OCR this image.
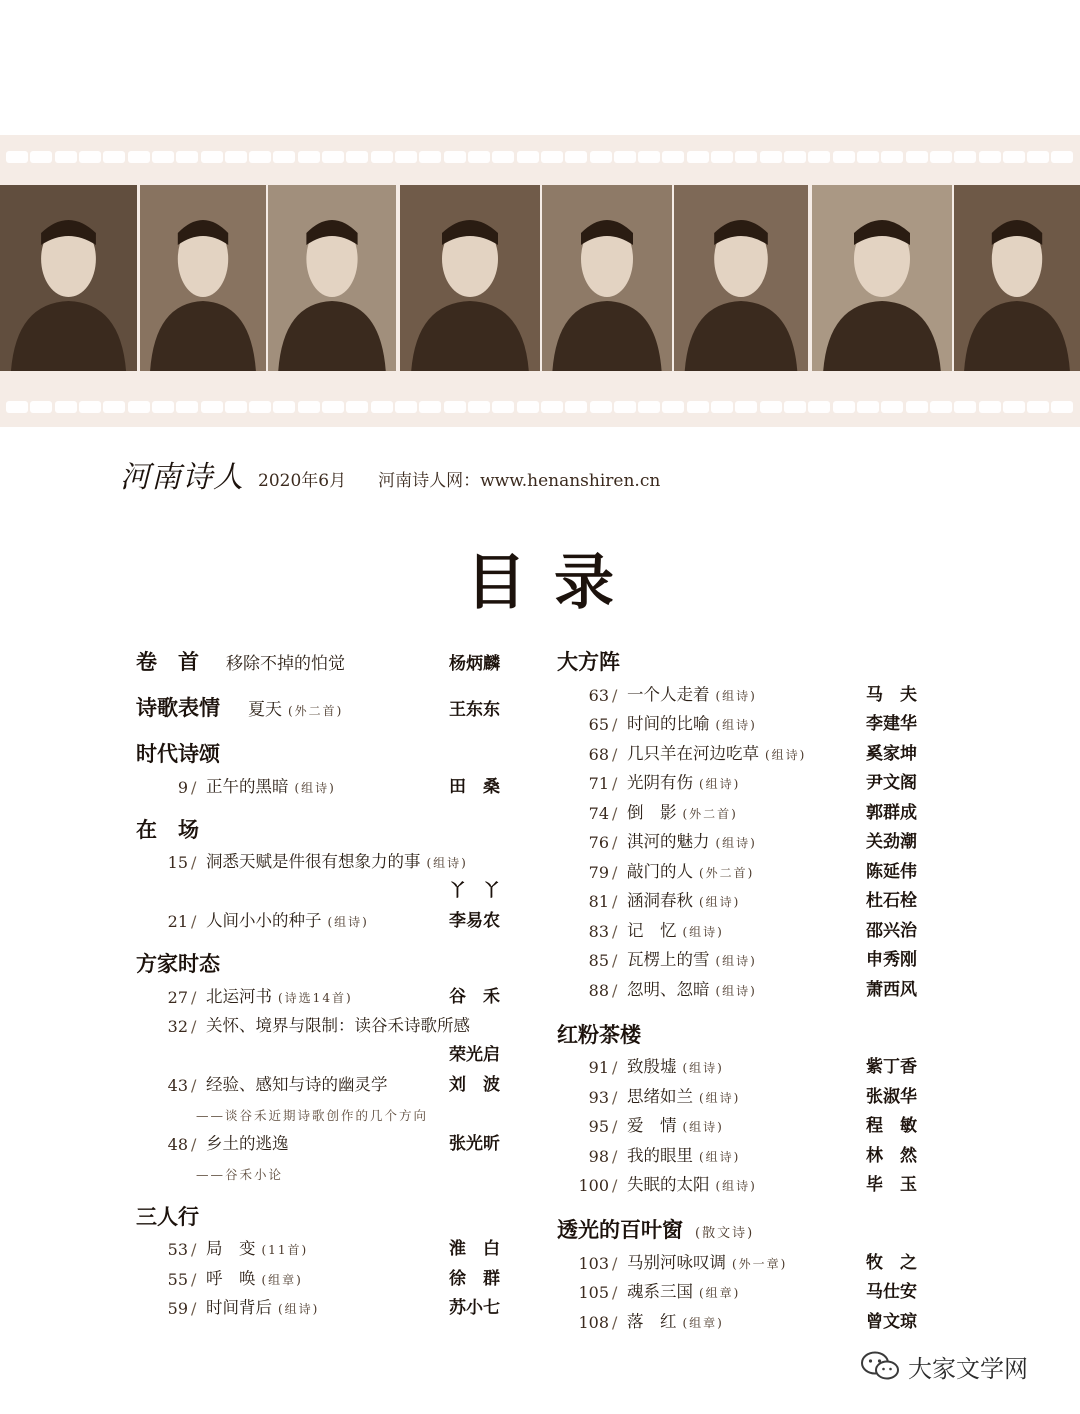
河南诗人 2020年6月 河南诗人网：www.henanshiren.cn
目录
卷　首 移除不掉的怕觉	杨炳麟
诗歌表情 夏天 (外二首)	王东东
时代诗颂
9 / 正午的黑暗 (组诗)	田　桑
在　场
15 / 洞悉天赋是件很有想象力的事 (组诗)
丫　丫
21 / 人间小小的种子 (组诗)	李易农
方家时态
27 / 北运河书 (诗选14首)	谷　禾
32 / 关怀、境界与限制：读谷禾诗歌所感
荣光启
43 / 经验、感知与诗的幽灵学	刘　波
——谈谷禾近期诗歌创作的几个方向
48 / 乡土的逃逸	张光昕
——谷禾小论
三人行
53 / 局　变 (11首)	淮　白
55 / 呼　唤 (组章)	徐　群
59 / 时间背后 (组诗)	苏小七
大方阵
63 / 一个人走着 (组诗)	马　夫
65 / 时间的比喻 (组诗)	李建华
68 / 几只羊在河边吃草 (组诗)	奚家坤
71 / 光阴有伤 (组诗)	尹文阁
74 / 倒　影 (外二首)	郭群成
76 / 淇河的魅力 (组诗)	关劲潮
79 / 敲门的人 (外二首)	陈延伟
81 / 涵洞春秋 (组诗)	杜石栓
83 / 记　忆 (组诗)	邵兴治
85 / 瓦楞上的雪 (组诗)	申秀刚
88 / 忽明、忽暗 (组诗)	萧西风
红粉茶楼
91 / 致殷墟 (组诗)	紫丁香
93 / 思绪如兰 (组诗)	张淑华
95 / 爱　情 (组诗)	程　敏
98 / 我的眼里 (组诗)	林　然
100 / 失眠的太阳 (组诗)	毕　玉
透光的百叶窗 (散文诗)
103 / 马别河咏叹调 (外一章)	牧　之
105 / 魂系三国 (组章)	马仕安
108 / 落　红 (组章)	曾文琼
大家文学网
